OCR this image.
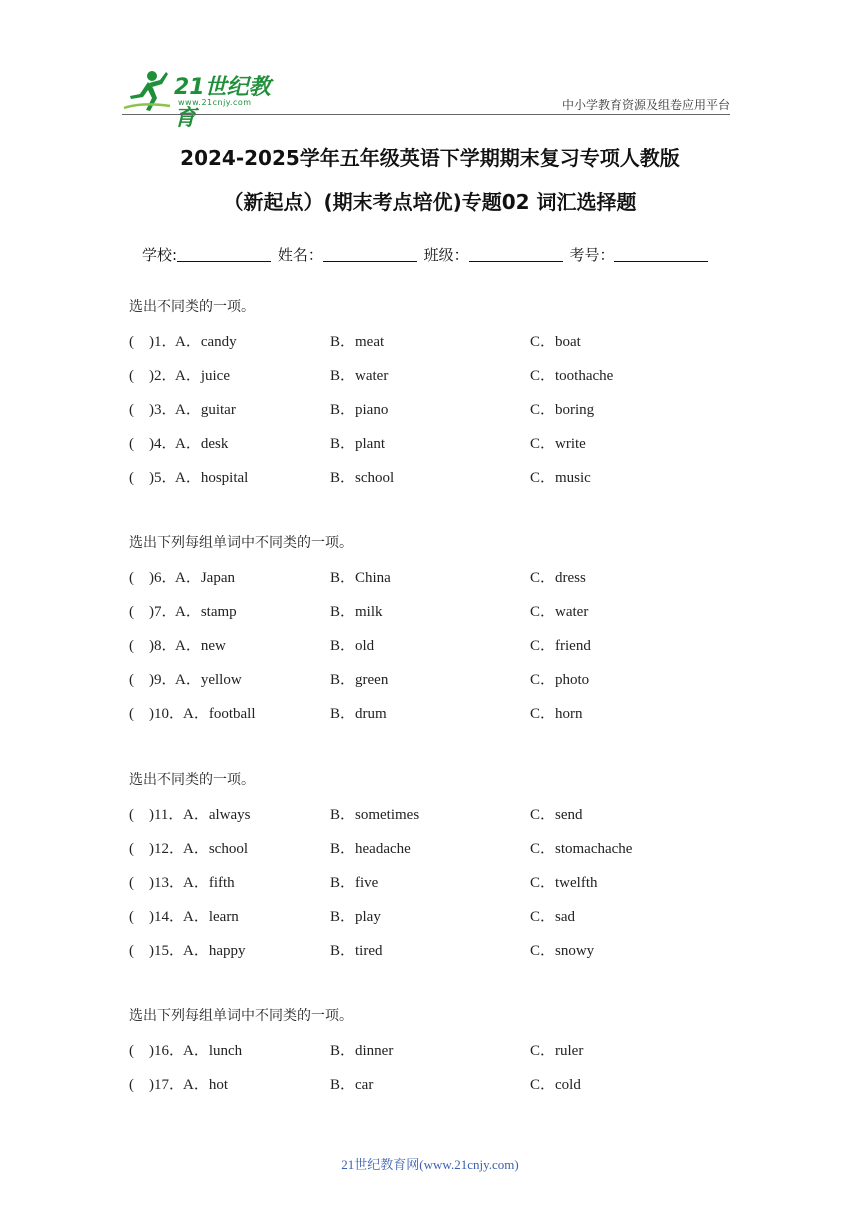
21世纪教育
www.21cnjy.com	中小学教育资源及组卷应用平台
2024-2025学年五年级英语下学期期末复习专项人教版
（新起点）(期末考点培优)专题02 词汇选择题
学校:	姓名：	班级：	考号：
选出不同类的一项。
(　)1．
A．candy	B．meat	C．boat
(　)2．
A．juice	B．water	C．toothache
(　)3．
A．guitar	B．piano	C．boring
(　)4．
A．desk	B．plant	C．write
(　)5．
A．hospital	B．school	C．music
选出下列每组单词中不同类的一项。
(　)6．
A．Japan	B．China	C．dress
(　)7．
A．stamp	B．milk	C．water
(　)8．
A．new	B．old	C．friend
(　)9．
A．yellow	B．green	C．photo
(　)10． A．football	B．drum	C．horn
选出不同类的一项。
(　)11． A．always	B．sometimes	C．send
(　)12． A．school	B．headache	C．stomachache
(　)13． A．fifth	B．five	C．twelfth
(　)14． A．learn	B．play	C．sad
(　)15． A．happy	B．tired	C．snowy
选出下列每组单词中不同类的一项。
(　)16． A．lunch	B．dinner	C．ruler
(　)17． A．hot	B．car	C．cold
21世纪教育网(www.21cnjy.com)
